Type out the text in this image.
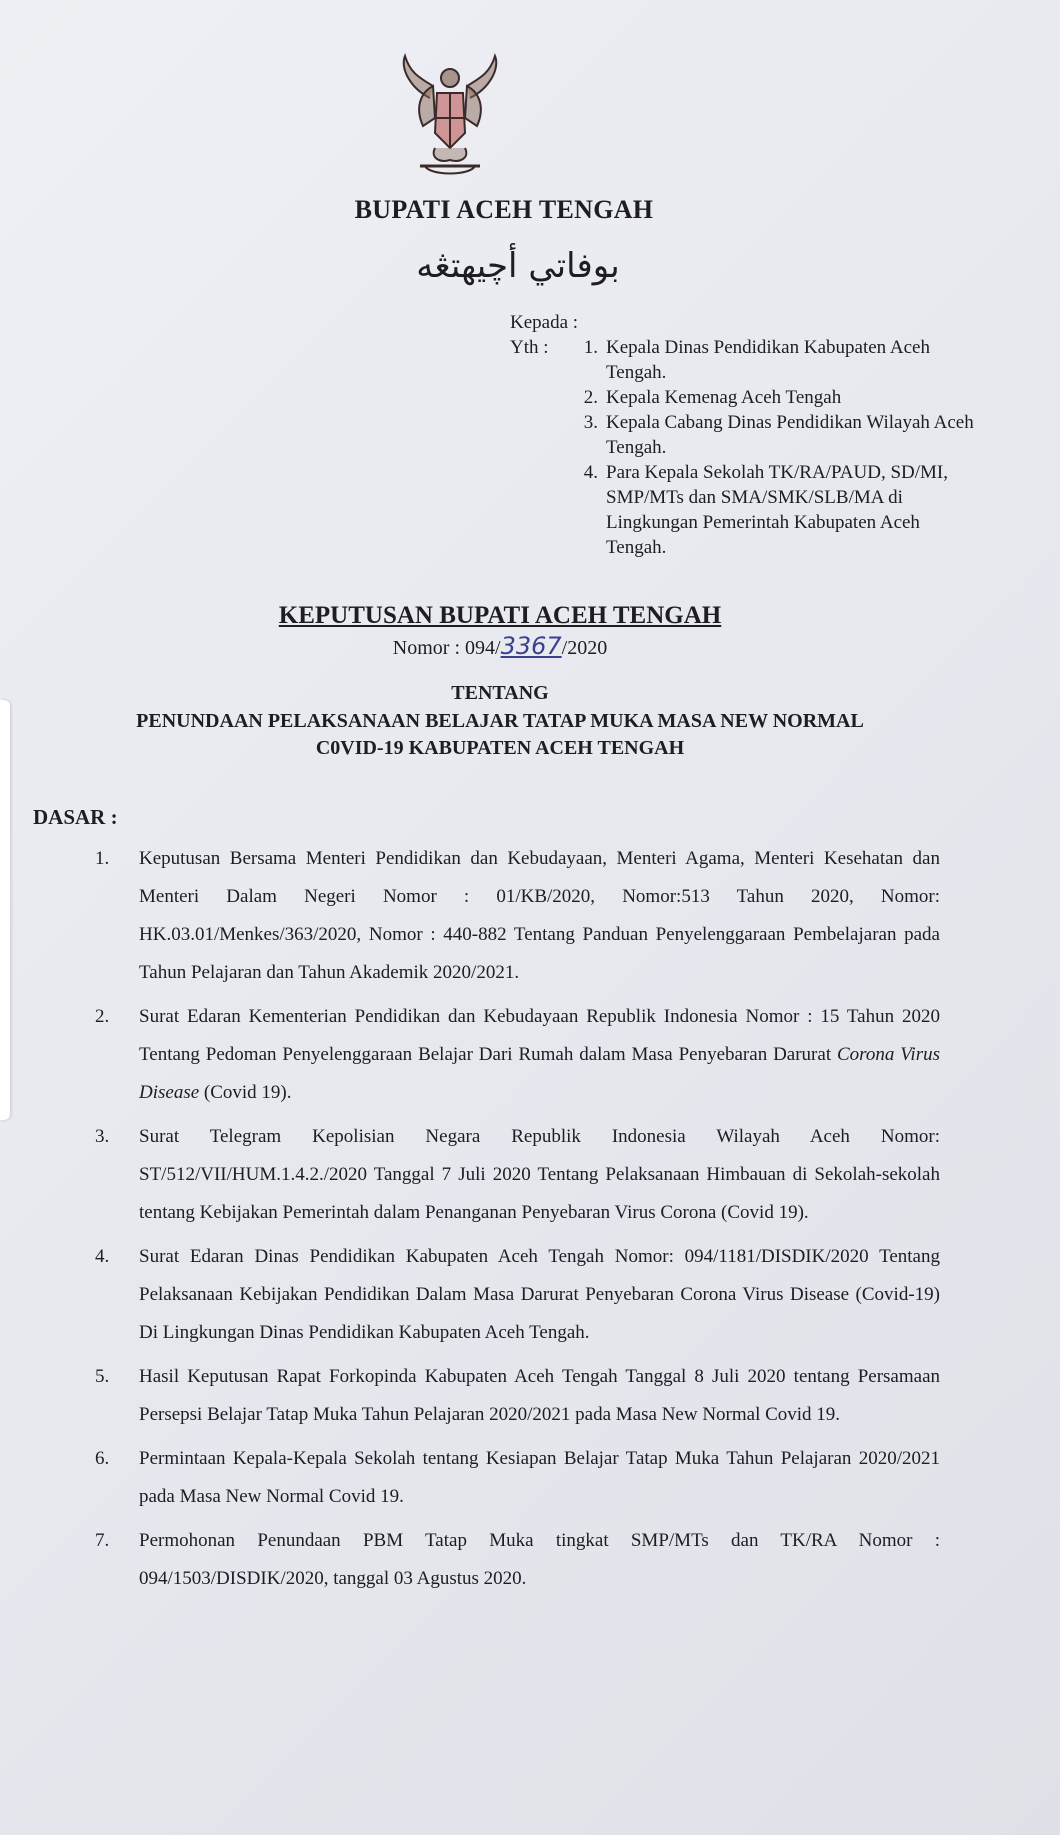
BUPATI ACEH TENGAH
بوفاتي أچيهتڠه
Kepada :
Yth :	1. Kepala Dinas Pendidikan Kabupaten Aceh Tengah.
2. Kepala Kemenag Aceh Tengah
3. Kepala Cabang Dinas Pendidikan Wilayah Aceh Tengah.
4. Para Kepala Sekolah TK/RA/PAUD, SD/MI, SMP/MTs dan SMA/SMK/SLB/MA di Lingkungan Pemerintah Kabupaten Aceh Tengah.
KEPUTUSAN BUPATI ACEH TENGAH
Nomor : 094/3367/2020
TENTANG
PENUNDAAN PELAKSANAAN BELAJAR TATAP MUKA MASA NEW NORMAL
C0VID-19 KABUPATEN ACEH TENGAH
DASAR :
1.	Keputusan Bersama Menteri Pendidikan dan Kebudayaan, Menteri Agama, Menteri Kesehatan dan Menteri Dalam Negeri Nomor : 01/KB/2020, Nomor:513 Tahun 2020, Nomor: HK.03.01/Menkes/363/2020, Nomor : 440-882 Tentang Panduan Penyelenggaraan Pembelajaran pada Tahun Pelajaran dan Tahun Akademik 2020/2021.
2.	Surat Edaran Kementerian Pendidikan dan Kebudayaan Republik Indonesia Nomor : 15 Tahun 2020 Tentang Pedoman Penyelenggaraan Belajar Dari Rumah dalam Masa Penyebaran Darurat Corona Virus Disease (Covid 19).
3.	Surat Telegram Kepolisian Negara Republik Indonesia Wilayah Aceh Nomor: ST/512/VII/HUM.1.4.2./2020 Tanggal 7 Juli 2020 Tentang Pelaksanaan Himbauan di Sekolah-sekolah tentang Kebijakan Pemerintah dalam Penanganan Penyebaran Virus Corona (Covid 19).
4.	Surat Edaran Dinas Pendidikan Kabupaten Aceh Tengah Nomor: 094/1181/DISDIK/2020 Tentang Pelaksanaan Kebijakan Pendidikan Dalam Masa Darurat Penyebaran Corona Virus Disease (Covid-19) Di Lingkungan Dinas Pendidikan Kabupaten Aceh Tengah.
5.	Hasil Keputusan Rapat Forkopinda Kabupaten Aceh Tengah Tanggal 8 Juli 2020 tentang Persamaan Persepsi Belajar Tatap Muka Tahun Pelajaran 2020/2021 pada Masa New Normal Covid 19.
6.	Permintaan Kepala-Kepala Sekolah tentang Kesiapan Belajar Tatap Muka Tahun Pelajaran 2020/2021 pada Masa New Normal Covid 19.
7.	Permohonan Penundaan PBM Tatap Muka tingkat SMP/MTs dan TK/RA Nomor : 094/1503/DISDIK/2020, tanggal 03 Agustus 2020.
